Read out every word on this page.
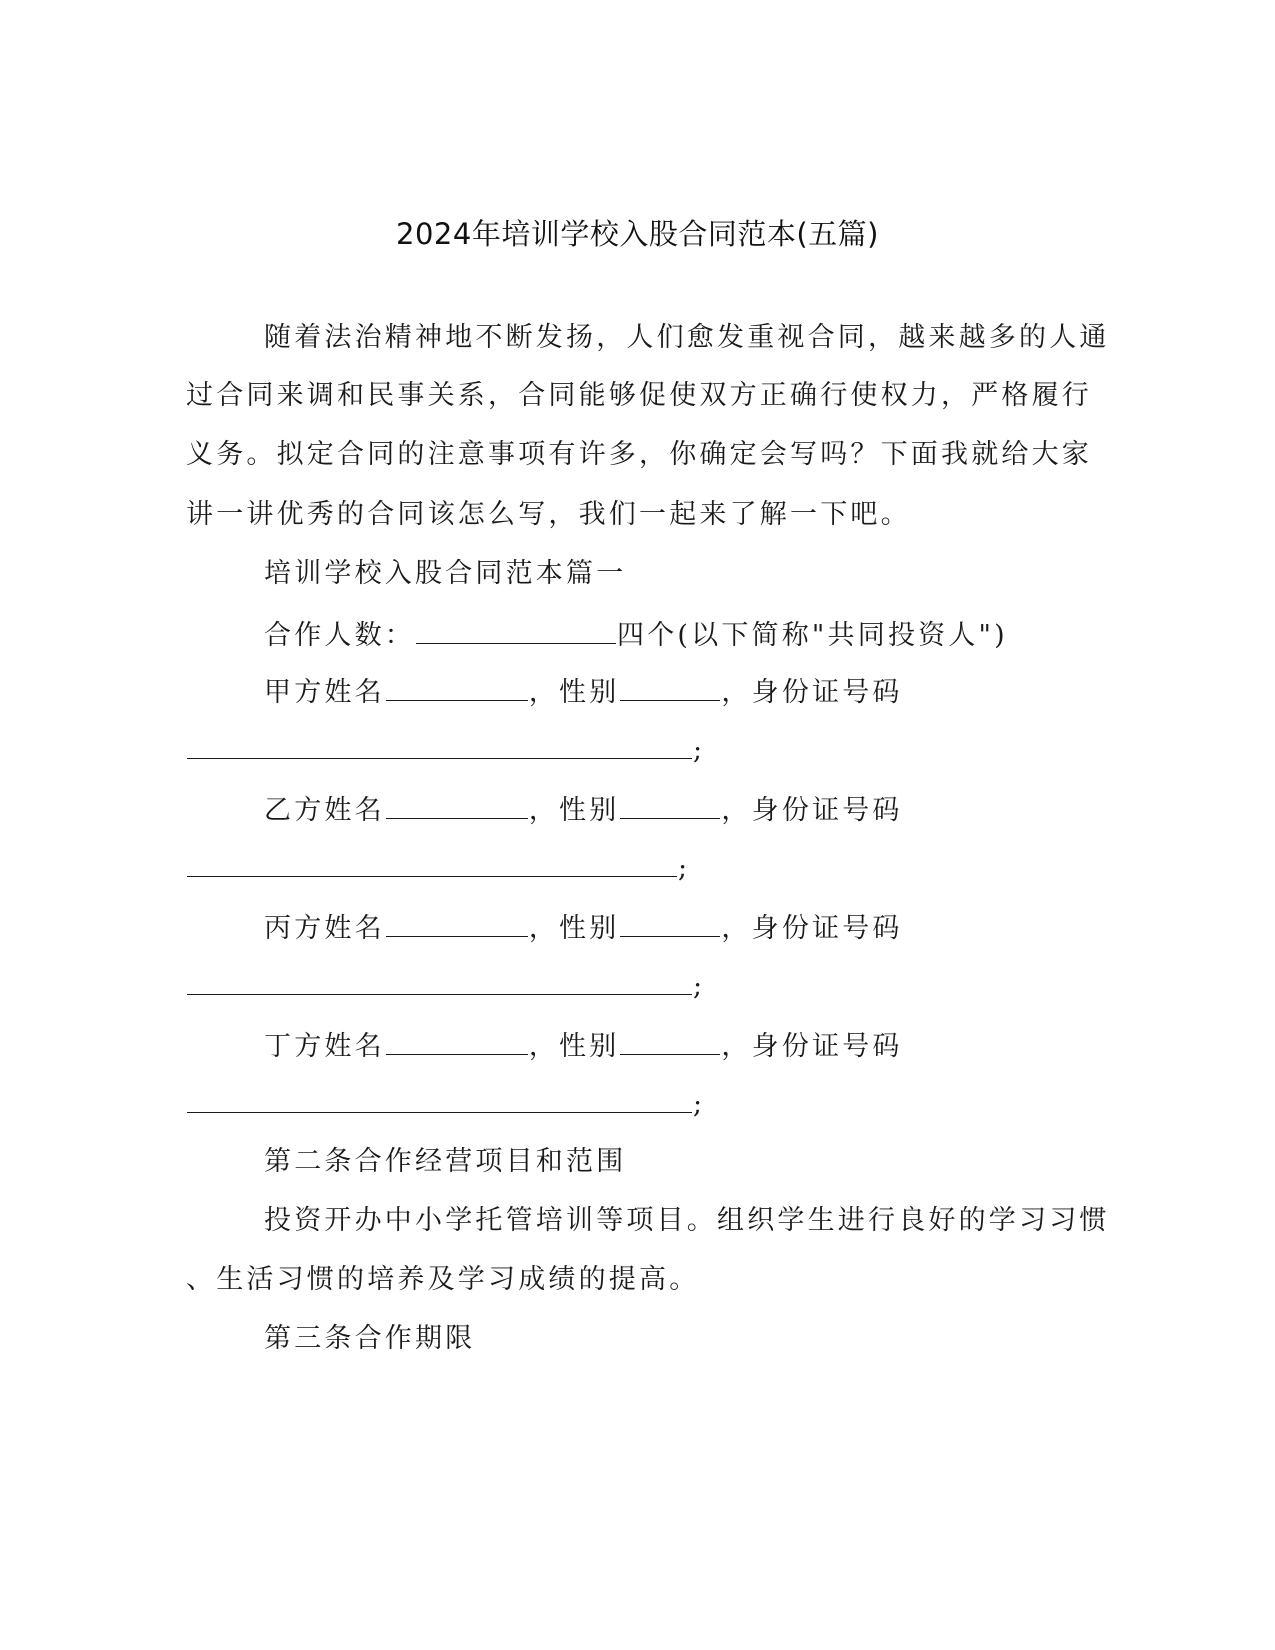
2024年培训学校入股合同范本(五篇)
随着法治精神地不断发扬，人们愈发重视合同，越来越多的人通
过合同来调和民事关系，合同能够促使双方正确行使权力，严格履行
义务。拟定合同的注意事项有许多，你确定会写吗？下面我就给大家
讲一讲优秀的合同该怎么写，我们一起来了解一下吧。
培训学校入股合同范本篇一
合作人数：	四个(以下简称"共同投资人")
甲方姓名	，性别	，身份证号码
;
乙方姓名	，性别	，身份证号码
;
丙方姓名	，性别	，身份证号码
;
丁方姓名	，性别	，身份证号码
;
第二条合作经营项目和范围
投资开办中小学托管培训等项目。组织学生进行良好的学习习惯
、生活习惯的培养及学习成绩的提高。
第三条合作期限
